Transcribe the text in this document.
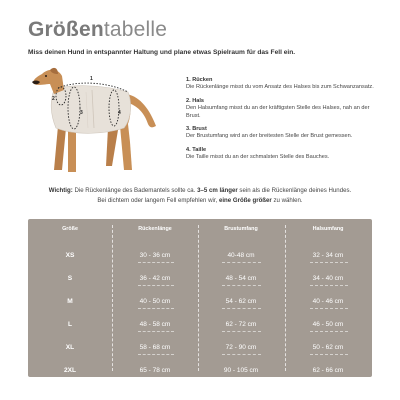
Größentabelle
Miss deinen Hund in entspannter Haltung und plane etwas Spielraum für das Fell ein.
1
2
3	4
1. Rücken
Die Rückenlänge misst du vom Ansatz des Halses bis zum Schwanzansatz.
2. Hals
Den Halsumfang misst du an der kräftigsten Stelle des Halses, nah an der Brust.
3. Brust
Der Brustumfang wird an der breitesten Stelle der Brust gemessen.
4. Taille
Die Taille misst du an der schmalsten Stelle des Bauches.
Wichtig: Die Rückenlänge des Bademantels sollte ca. 3–5 cm länger sein als die Rückenlänge deines Hundes.
Bei dichtem oder langem Fell empfehlen wir, eine Größe größer zu wählen.
Größe	Rückenlänge	Brustumfang	Halsumfang
XS	30 - 36 cm	40-48 cm	32 - 34 cm
S	36 - 42 cm	48 - 54 cm	34 - 40 cm
M	40 - 50 cm	54 - 62 cm	40 - 46 cm
L	48 - 58 cm	62 - 72 cm	46 - 50 cm
XL	58 - 68 cm	72 - 90 cm	50 - 62 cm
2XL	65 - 78 cm	90 - 105 cm	62 - 66 cm
